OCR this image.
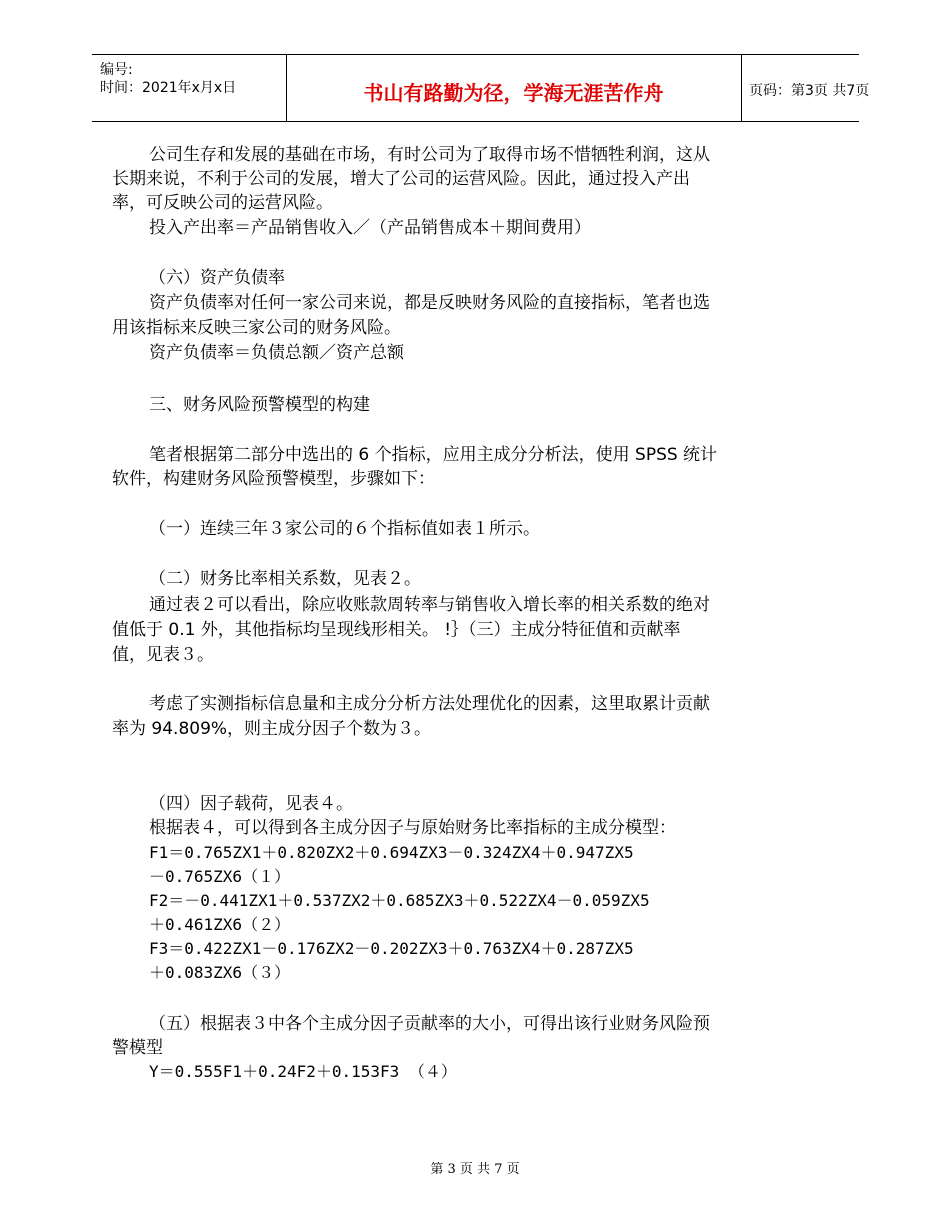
编号:
时间：2021年x月x日	书山有路勤为径，学海无涯苦作舟	页码：第3页 共7页
公司生存和发展的基础在市场，有时公司为了取得市场不惜牺牲利润，这从
长期来说，不利于公司的发展，增大了公司的运营风险。因此，通过投入产出
率，可反映公司的运营风险。
投入产出率＝产品销售收入／（产品销售成本＋期间费用）
（六）资产负债率
资产负债率对任何一家公司来说，都是反映财务风险的直接指标，笔者也选
用该指标来反映三家公司的财务风险。
资产负债率＝负债总额／资产总额
三、财务风险预警模型的构建
笔者根据第二部分中选出的 6 个指标，应用主成分分析法，使用 SPSS 统计
软件，构建财务风险预警模型，步骤如下：
（一）连续三年３家公司的６个指标值如表１所示。
（二）财务比率相关系数，见表２。
通过表２可以看出，除应收账款周转率与销售收入增长率的相关系数的绝对
值低于 0.1 外，其他指标均呈现线形相关。 !｝（三）主成分特征值和贡献率
值，见表３。
考虑了实测指标信息量和主成分分析方法处理优化的因素，这里取累计贡献
率为 94.809%，则主成分因子个数为３。
（四）因子载荷，见表４。
根据表４，可以得到各主成分因子与原始财务比率指标的主成分模型：
F1＝0.765ZX1＋0.820ZX2＋0.694ZX3－0.324ZX4＋0.947ZX5
－0.765ZX6（１）
F2＝－0.441ZX1＋0.537ZX2＋0.685ZX3＋0.522ZX4－0.059ZX5
＋0.461ZX6（２）
F3＝0.422ZX1－0.176ZX2－0.202ZX3＋0.763ZX4＋0.287ZX5
＋0.083ZX6（３）
（五）根据表３中各个主成分因子贡献率的大小，可得出该行业财务风险预
警模型
Y＝0.555F1＋0.24F2＋0.153F3 （４）
第 3 页 共 7 页
